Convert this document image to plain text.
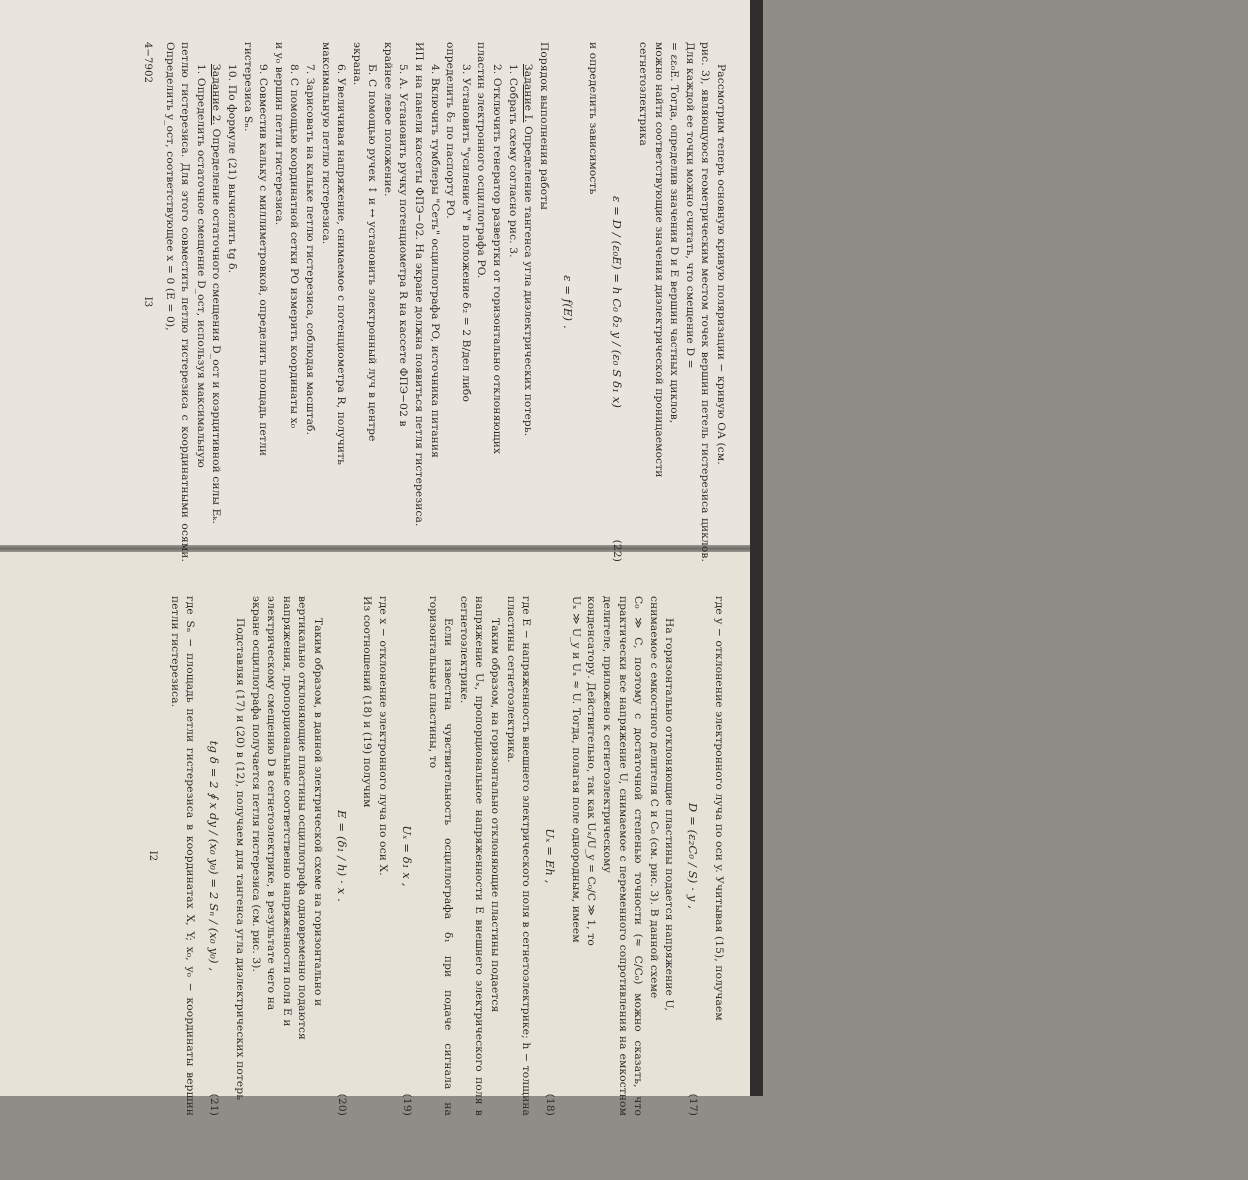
Рассмотрим теперь основную кривую поляризации − кривую OA (см.

рис. 3), являющуюся геометрическим местом точек вершин петель гистерезиса циклов. Для каждой ее точки можно считать, что смещение D =

= εε₀E. Тогда, определив значения D и E вершин частных циклов,

можно найти соответствующие значения диэлектрической проницаемости

сегнетоэлектрика

ε = D / (ε₀E) = h C₀ δ₂ y / (ε₀ S δ₁ x)
(22)

и определить зависимость

ε = f(E) .

Порядок выполнения работы

Задание I. Определение тангенса угла диэлектрических потерь.

1. Собрать схему согласно рис. 3.

2. Отключить генератор развертки от горизонтально отклоняющих

пластин электронного осциллографа PO.

3. Установить "усиление Y" в положение δ₂ = 2 В/дел либо

определить δ₂ по паспорту PO.

4. Включить тумблеры "Сеть" осциллографа PO, источника питания

ИП и на панели кассеты ФПЭ−02. На экране должна появиться петля гистерезиса.

5. А. Установить ручку потенциометра R на кассете ФПЭ−02 в

крайнее левое положение.

Б. С помощью ручек ↕ и ↔ установить электронный луч в центре

экрана.

6. Увеличивая напряжение, снимаемое с потенциометра R, получить

максимальную петлю гистерезиса.

7. Зарисовать на кальке петлю гистерезиса, соблюдая масштаб.

8. С помощью координатной сетки PO измерить координаты x₀

и y₀ вершин петли гистерезиса.

9. Совместив кальку с миллиметровкой, определить площадь петли

гистерезиса Sₙ.

10. По формуле (21) вычислить tg δ.

Задание 2. Определение остаточного смещения D_ост и коэрцитивной силы Eₖ.

1. Определить остаточное смещение D_ост, используя максимальную

петлю гистерезиса. Для этого совместить петлю гистерезиса с координатными осями. Определить y_ост, соответствующее x = 0 (E = 0),

4−7902
I3

где y − отклонение электронного луча по оси y. Учитывая (15), получаем

D = (ε₂C₀ / S) · y ,
(17)

На горизонтально отклоняющие пластины подается напряжение U,

снимаемое с емкостного делителя C и C₀ (см. рис. 3). В данной схеме

C₀ ≫ C, поэтому с достаточной степенью точности (≈ C/C₀) можно сказать, что практически все напряжение U, снимаемое с переменного сопротивления на емкостном делителе, приложено к сегнетоэлектрическому

конденсатору. Действительно, так как Uₓ/U_y = C₀/C ≫ 1, то

Uₓ ≫ U_y и Uₓ ≈ U. Тогда, полагая поле однородным, имеем

Uₓ = Eh ,
(18)

где E − напряженность внешнего электрического поля в сегнетоэлектрике; h − толщина пластины сегнетоэлектрика.

Таким образом, на горизонтально отклоняющие пластины подается

напряжение Uₓ, пропорциональное напряженности E внешнего электрического поля в сегнетоэлектрике.

Если известна чувствительность осциллографа δ₁ при подаче сигнала на горизонтальные пластины, то

Uₓ = δ₁ x ,
(19)

где x − отклонение электронного луча по оси X.

Из соотношений (18) и (19) получим

E = (δ₁ / h) · x .
(20)

Таким образом, в данной электрической схеме на горизонтально и

вертикально отклоняющие пластины осциллографа одновременно подаются

напряжения, пропорциональные соответственно напряженности поля E и

электрическому смещению D в сегнетоэлектрике, в результате чего на

экране осциллографа получается петля гистерезиса (см. рис. 3).

Подставляя (17) и (20) в (12), получаем для тангенса угла диэлектрических потерь

tg δ = 2 ∮ x dy / (x₀ y₀) = 2 Sₙ / (x₀ y₀) ,
(21)

где Sₙ − площадь петли гистерезиса в координатах X, Y; x₀, y₀ − координаты вершин петли гистерезиса.

I2
